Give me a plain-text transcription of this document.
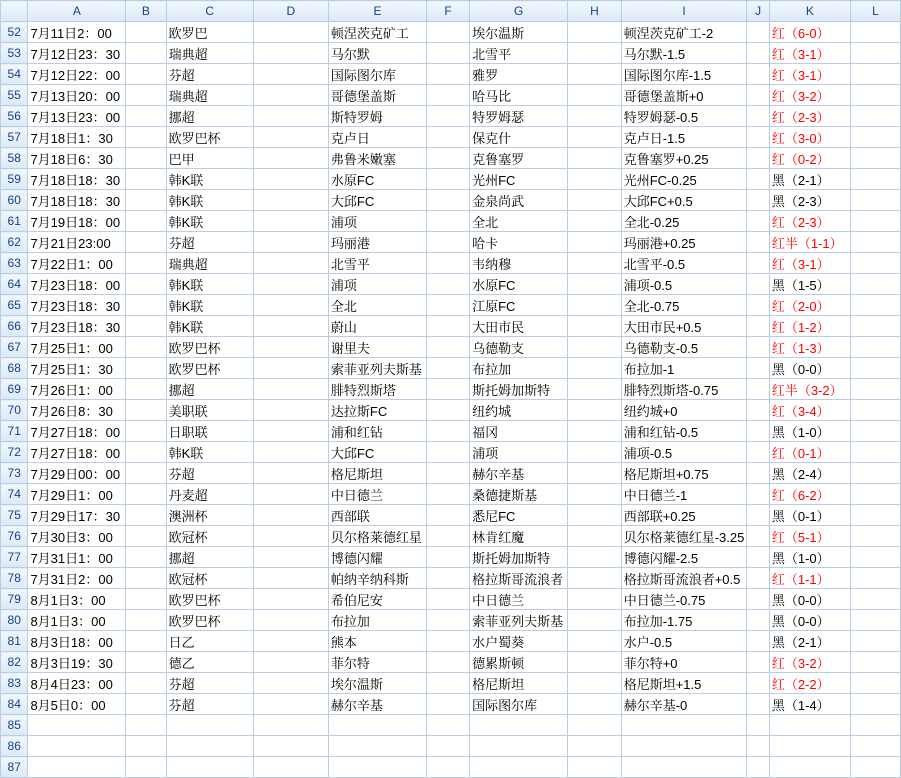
	A	B	C	D	E	F	G	H	I	J	K	L
52	7月11日2：00		欧罗巴		顿涅茨克矿工		埃尔温斯		顿涅茨克矿工-2		红（6-0）	
53	7月12日23：30		瑞典超		马尔默		北雪平		马尔默-1.5		红（3-1）	
54	7月12日22：00		芬超		国际图尔库		雅罗		国际图尔库-1.5		红（3-1）	
55	7月13日20：00		瑞典超		哥德堡盖斯		哈马比		哥德堡盖斯+0		红（3-2）	
56	7月13日23：00		挪超		斯特罗姆		特罗姆瑟		特罗姆瑟-0.5		红（2-3）	
57	7月18日1：30		欧罗巴杯		克卢日		保克什		克卢日-1.5		红（3-0）	
58	7月18日6：30		巴甲		弗鲁米嫩塞		克鲁塞罗		克鲁塞罗+0.25		红（0-2）	
59	7月18日18：30		韩K联		水原FC		光州FC		光州FC-0.25		黑（2-1）	
60	7月18日18：30		韩K联		大邱FC		金泉尚武		大邱FC+0.5		黑（2-3）	
61	7月19日18：00		韩K联		浦项		全北		全北-0.25		红（2-3）	
62	7月21日23:00		芬超		玛丽港		哈卡		玛丽港+0.25		红半（1-1）	
63	7月22日1：00		瑞典超		北雪平		韦纳穆		北雪平-0.5		红（3-1）	
64	7月23日18：00		韩K联		浦项		水原FC		浦项-0.5		黑（1-5）	
65	7月23日18：30		韩K联		全北		江原FC		全北-0.75		红（2-0）	
66	7月23日18：30		韩K联		蔚山		大田市民		大田市民+0.5		红（1-2）	
67	7月25日1：00		欧罗巴杯		谢里夫		乌德勒支		乌德勒支-0.5		红（1-3）	
68	7月25日1：30		欧罗巴杯		索菲亚列夫斯基		布拉加		布拉加-1		黑（0-0）	
69	7月26日1：00		挪超		腓特烈斯塔		斯托姆加斯特		腓特烈斯塔-0.75		红半（3-2）	
70	7月26日8：30		美职联		达拉斯FC		纽约城		纽约城+0		红（3-4）	
71	7月27日18：00		日职联		浦和红钻		福冈		浦和红钻-0.5		黑（1-0）	
72	7月27日18：00		韩K联		大邱FC		浦项		浦项-0.5		红（0-1）	
73	7月29日00：00		芬超		格尼斯坦		赫尔辛基		格尼斯坦+0.75		黑（2-4）	
74	7月29日1：00		丹麦超		中日德兰		桑德捷斯基		中日德兰-1		红（6-2）	
75	7月29日17：30		澳洲杯		西部联		悉尼FC		西部联+0.25		黑（0-1）	
76	7月30日3：00		欧冠杯		贝尔格莱德红星		林肯红魔		贝尔格莱德红星-3.25		红（5-1）	
77	7月31日1：00		挪超		博德闪耀		斯托姆加斯特		博德闪耀-2.5		黑（1-0）	
78	7月31日2：00		欧冠杯		帕纳辛纳科斯		格拉斯哥流浪者		格拉斯哥流浪者+0.5		红（1-1）	
79	8月1日3：00		欧罗巴杯		希伯尼安		中日德兰		中日德兰-0.75		黑（0-0）	
80	8月1日3：00		欧罗巴杯		布拉加		索菲亚列夫斯基		布拉加-1.75		黑（0-0）	
81	8月3日18：00		日乙		熊本		水户蜀葵		水户-0.5		黑（2-1）	
82	8月3日19：30		德乙		菲尔特		德累斯顿		菲尔特+0		红（3-2）	
83	8月4日23：00		芬超		埃尔温斯		格尼斯坦		格尼斯坦+1.5		红（2-2）	
84	8月5日0：00		芬超		赫尔辛基		国际图尔库		赫尔辛基-0		黑（1-4）	
85												
86												
87												
